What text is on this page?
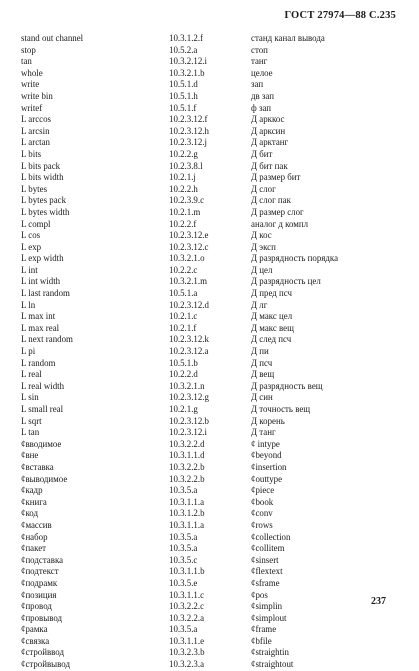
ГОСТ 27974—88 С.235
stand out channel	10.3.1.2.f	станд канал вывода
stop	10.5.2.a	стоп
tan	10.3.2.12.i	танг
whole	10.3.2.1.b	целое
write	10.5.1.d	зап
write bin	10.5.1.h	дв зап
writef	10.5.1.f	ф зап
L arccos	10.2.3.12.f	Д арккос
L arcsin	10.2.3.12.h	Д арксин
L arctan	10.2.3.12.j	Д арктанг
L bits	10.2.2.g	Д бит
L bits pack	10.2.3.8.l	Д бит пак
L bits width	10.2.1.j	Д размер бит
L bytes	10.2.2.h	Д слог
L bytes pack	10.2.3.9.c	Д слог пак
L bytes width	10.2.1.m	Д размер слог
L compl	10.2.2.f	аналог д компл
L cos	10.2.3.12.e	Д кос
L exp	10.2.3.12.c	Д эксп
L exp width	10.3.2.1.o	Д разрядность порядка
L int	10.2.2.c	Д цел
L int width	10.3.2.1.m	Д разрядность цел
L last random	10.5.1.a	Д пред псч
L ln	10.2.3.12.d	Д лг
L max int	10.2.1.c	Д макс цел
L max real	10.2.1.f	Д макс вещ
L next random	10.2.3.12.k	Д след псч
L pi	10.2.3.12.a	Д пи
L random	10.5.1.b	Д псч
L real	10.2.2.d	Д вещ
L real width	10.3.2.1.n	Д разрядность вещ
L sin	10.2.3.12.g	Д син
L small real	10.2.1.g	Д точность вещ
L sqrt	10.2.3.12.b	Д корень
L tan	10.2.3.12.i	Д танг
¢вводимое	10.3.2.2.d	¢ intype
¢вне	10.3.1.1.d	¢beyond
¢вставка	10.3.2.2.b	¢insertion
¢выводимое	10.3.2.2.b	¢outtype
¢кадр	10.3.5.a	¢piece
¢книга	10.3.1.1.a	¢book
¢код	10.3.1.2.b	¢conv
¢массив	10.3.1.1.a	¢rows
¢набор	10.3.5.a	¢collection
¢пакет	10.3.5.a	¢collitem
¢подставка	10.3.5.c	¢sinsert
¢подтекст	10.3.1.1.b	¢flextext
¢подрамк	10.3.5.e	¢sframe
¢позиция	10.3.1.1.c	¢pos
¢провод	10.3.2.2.c	¢simplin
¢провывод	10.3.2.2.a	¢simplout
¢рамка	10.3.5.a	¢frame
¢связка	10.3.1.1.e	¢bfile
¢стройввод	10.3.2.3.b	¢straightin
¢стройвывод	10.3.2.3.a	¢straightout
237
